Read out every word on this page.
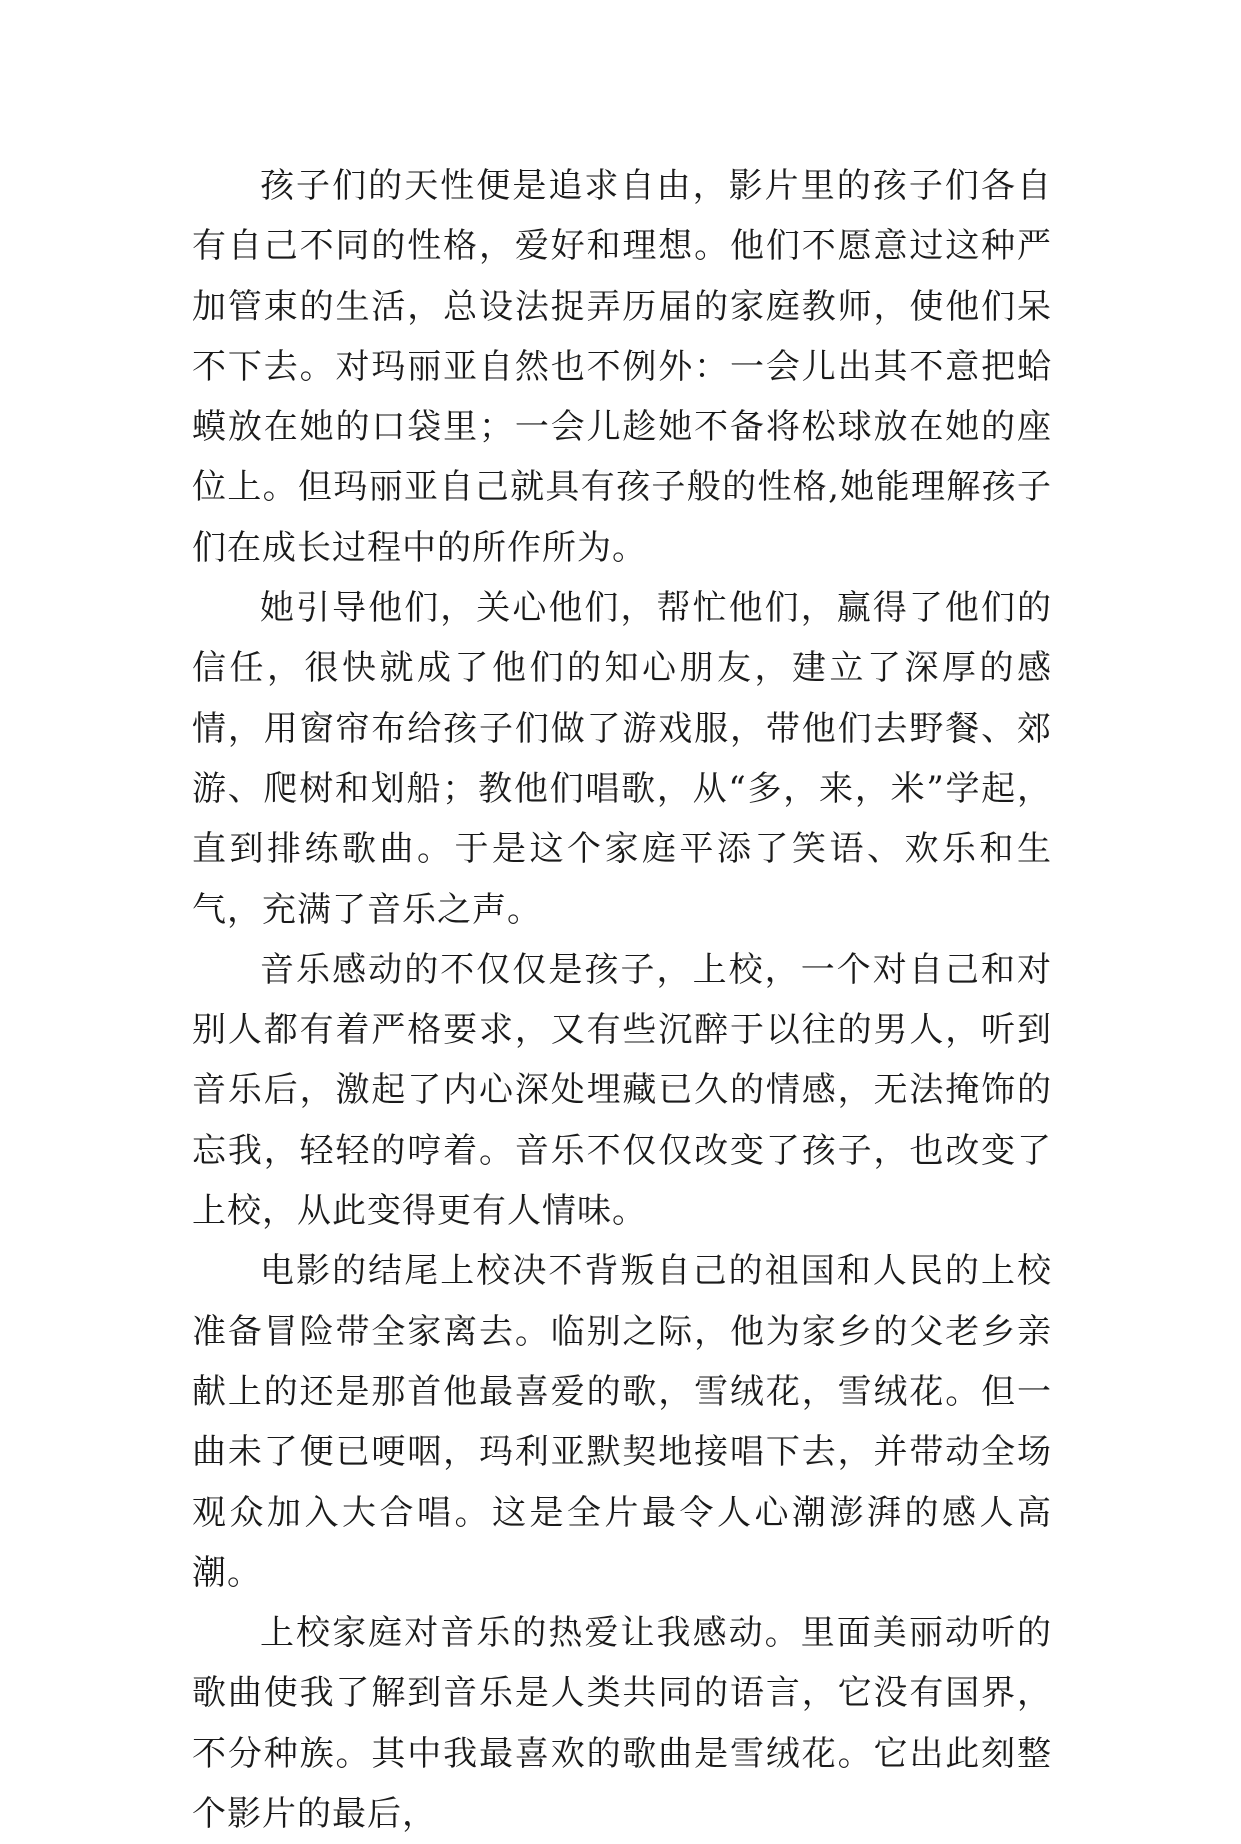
孩子们的天性便是追求自由，影片里的孩子们各自有自己不同的性格，爱好和理想。他们不愿意过这种严加管束的生活，总设法捉弄历届的家庭教师，使他们呆不下去。对玛丽亚自然也不例外：一会儿出其不意把蛤蟆放在她的口袋里；一会儿趁她不备将松球放在她的座位上。但玛丽亚自己就具有孩子般的性格,她能理解孩子们在成长过程中的所作所为。

她引导他们，关心他们，帮忙他们，赢得了他们的信任，很快就成了他们的知心朋友，建立了深厚的感情，用窗帘布给孩子们做了游戏服，带他们去野餐、郊游、爬树和划船；教他们唱歌，从“多，来，米”学起，直到排练歌曲。于是这个家庭平添了笑语、欢乐和生气，充满了音乐之声。

音乐感动的不仅仅是孩子，上校，一个对自己和对别人都有着严格要求，又有些沉醉于以往的男人，听到音乐后，激起了内心深处埋藏已久的情感，无法掩饰的忘我，轻轻的哼着。音乐不仅仅改变了孩子，也改变了上校，从此变得更有人情味。

电影的结尾上校决不背叛自己的祖国和人民的上校准备冒险带全家离去。临别之际，他为家乡的父老乡亲献上的还是那首他最喜爱的歌，雪绒花，雪绒花。但一曲未了便已哽咽，玛利亚默契地接唱下去，并带动全场观众加入大合唱。这是全片最令人心潮澎湃的感人高潮。

上校家庭对音乐的热爱让我感动。里面美丽动听的歌曲使我了解到音乐是人类共同的语言，它没有国界，不分种族。其中我最喜欢的歌曲是雪绒花。它出此刻整个影片的最后，
